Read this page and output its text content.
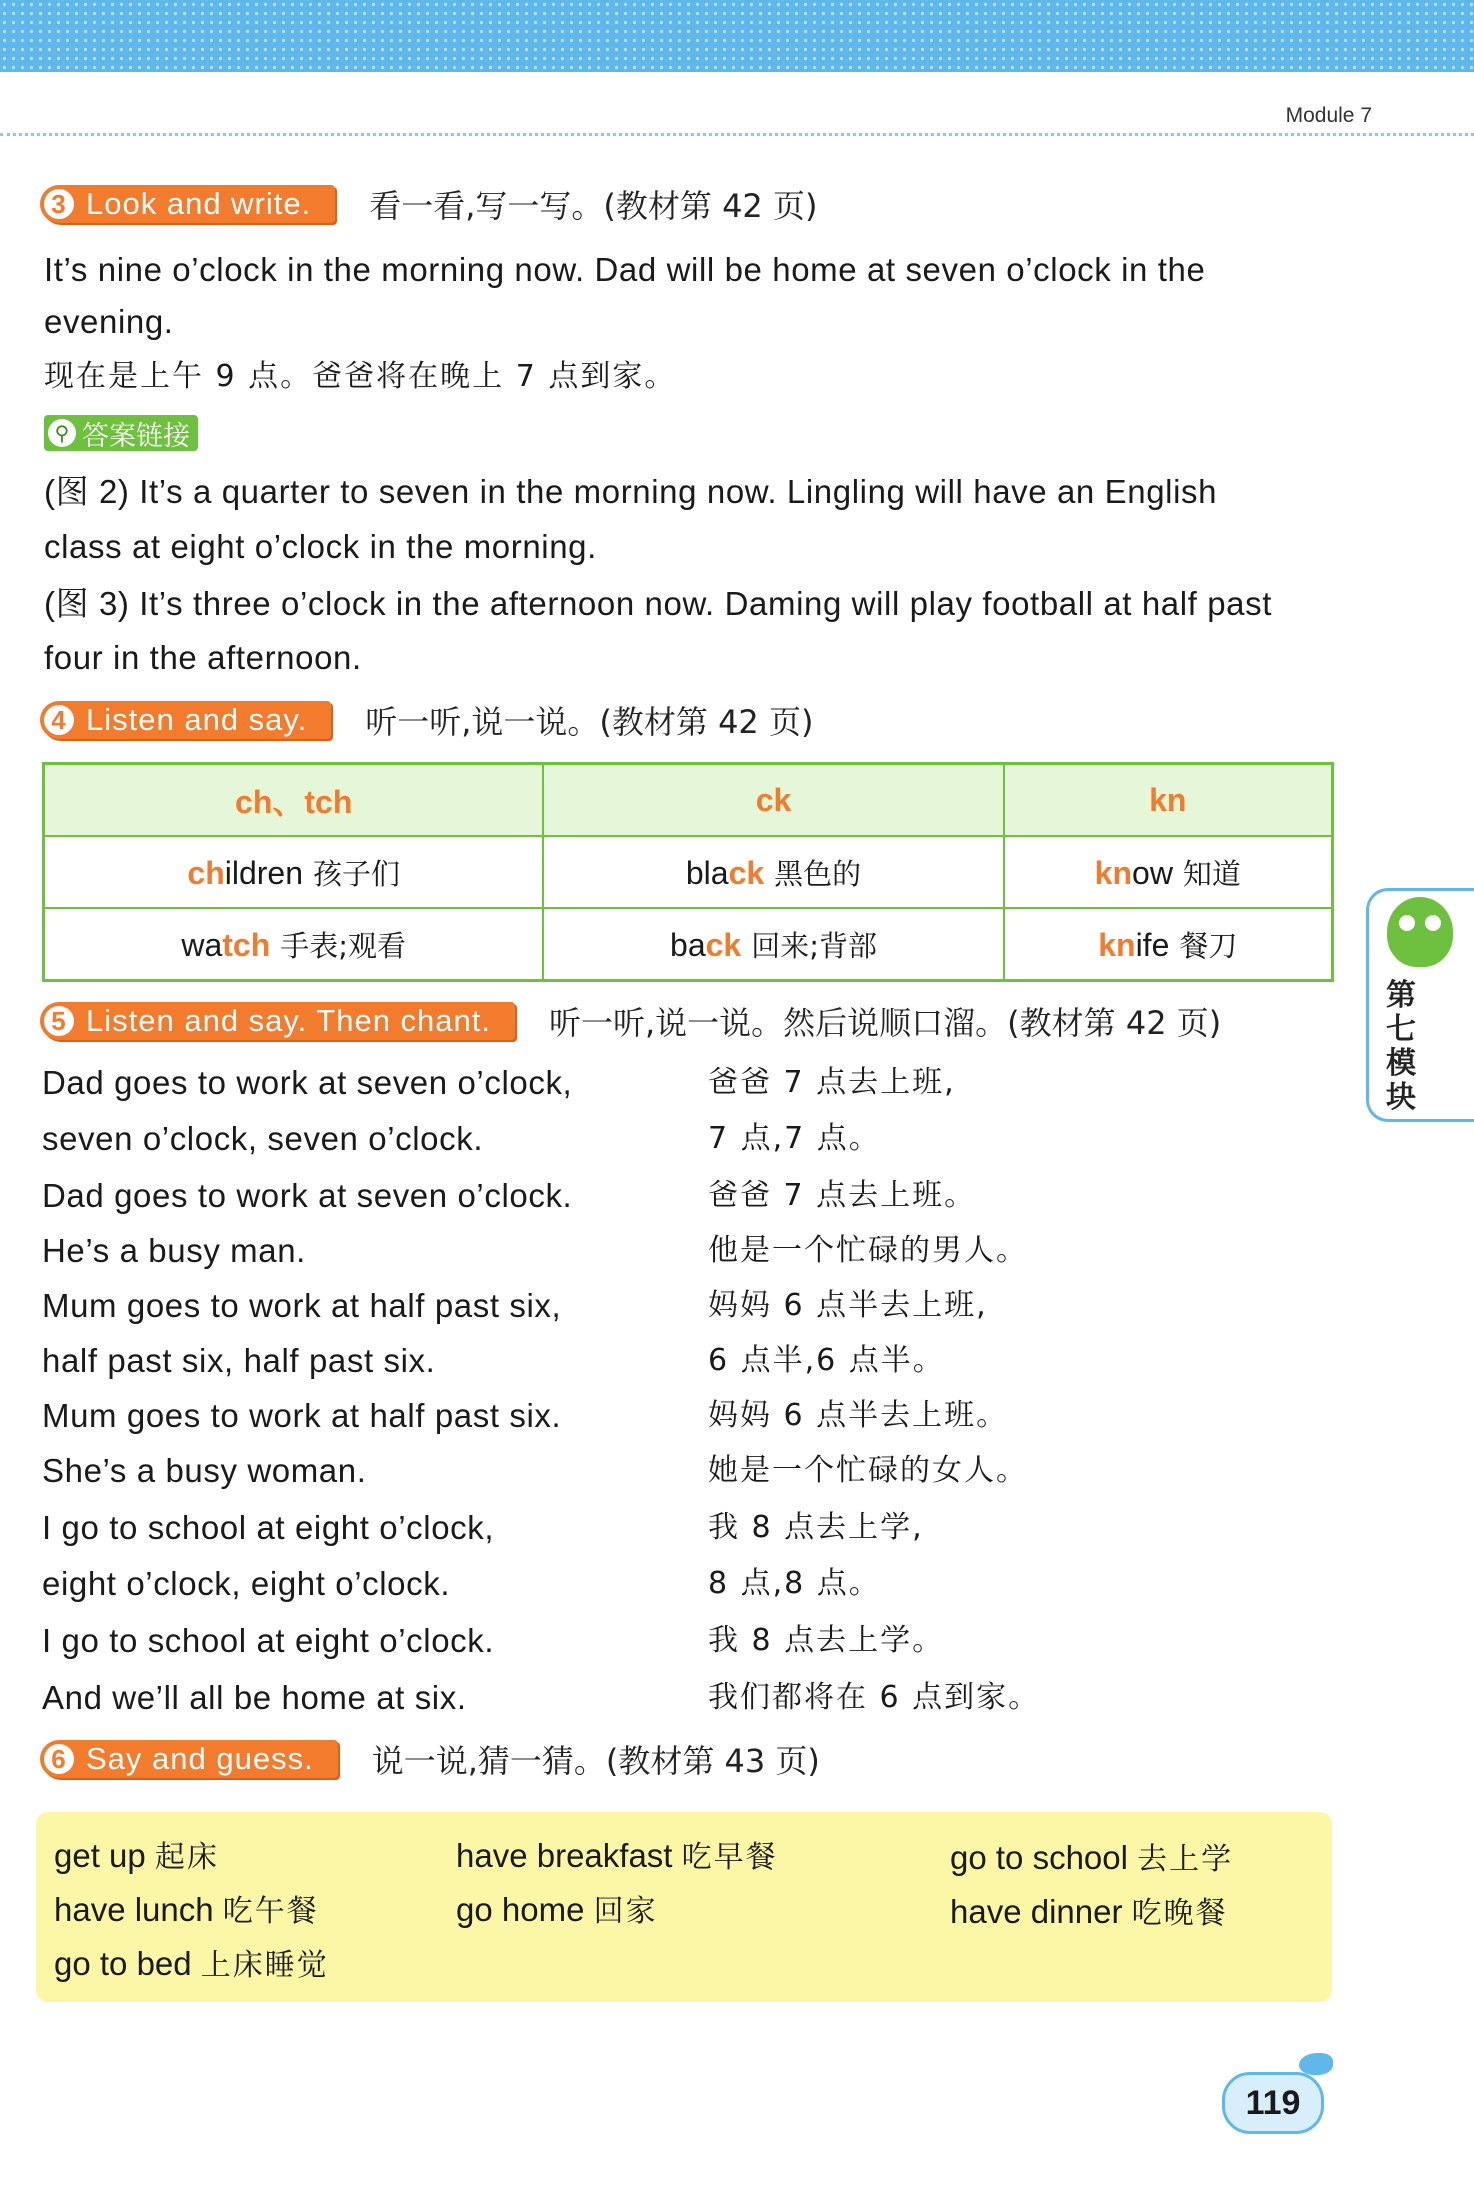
Module 7
3 Look and write. 看一看,写一写。(教材第 42 页)
It’s nine o’clock in the morning now. Dad will be home at seven o’clock in the
evening.
现在是上午 9 点。爸爸将在晚上 7 点到家。
⚲ 答案链接
(图 2) It’s a quarter to seven in the morning now. Lingling will have an English
class at eight o’clock in the morning.
(图 3) It’s three o’clock in the afternoon now. Daming will play football at half past
four in the afternoon.
4 Listen and say. 听一听,说一说。(教材第 42 页)
ch、tch	ck	kn
children 孩子们	black 黑色的	know 知道
watch 手表;观看	back 回来;背部	knife 餐刀
5 Listen and say. Then chant. 听一听,说一说。然后说顺口溜。(教材第 42 页)
Dad goes to work at seven o’clock,	爸爸 7 点去上班,
seven o’clock, seven o’clock.	7 点,7 点。
Dad goes to work at seven o’clock.	爸爸 7 点去上班。
He’s a busy man.	他是一个忙碌的男人。
Mum goes to work at half past six,	妈妈 6 点半去上班,
half past six, half past six.	6 点半,6 点半。
Mum goes to work at half past six.	妈妈 6 点半去上班。
She’s a busy woman.	她是一个忙碌的女人。
I go to school at eight o’clock,	我 8 点去上学,
eight o’clock, eight o’clock.	8 点,8 点。
I go to school at eight o’clock.	我 8 点去上学。
And we’ll all be home at six.	我们都将在 6 点到家。
6 Say and guess. 说一说,猜一猜。(教材第 43 页)
get up 起床	have breakfast 吃早餐	go to school 去上学
have lunch 吃午餐	go home 回家	have dinner 吃晚餐
go to bed 上床睡觉
第七模块
119
